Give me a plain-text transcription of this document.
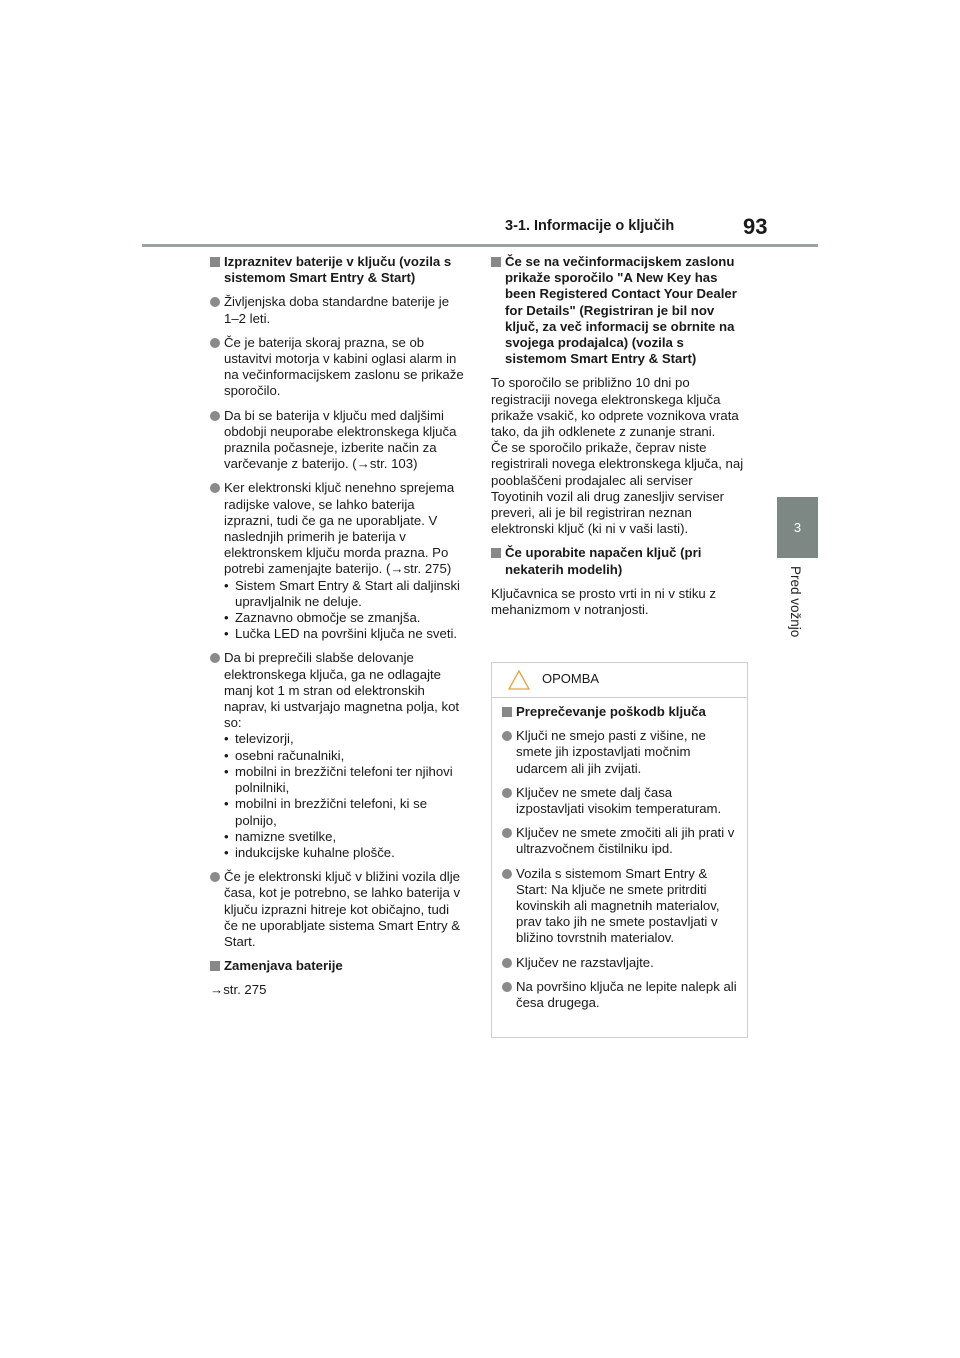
3-1. Informacije o ključih	93
3
Pred vožnjo
Izpraznitev baterije v ključu (vozila s sistemom Smart Entry & Start)
Življenjska doba standardne baterije je 1–2 leti.
Če je baterija skoraj prazna, se ob ustavitvi motorja v kabini oglasi alarm in na večinformacijskem zaslonu se prikaže sporočilo.
Da bi se baterija v ključu med daljšimi obdobji neuporabe elektronskega ključa praznila počasneje, izberite način za varčevanje z baterijo. (→str. 103)
Ker elektronski ključ nenehno sprejema radijske valove, se lahko baterija izprazni, tudi če ga ne uporabljate. V naslednjih primerih je baterija v elektronskem ključu morda prazna. Po potrebi zamenjajte baterijo. (→str. 275)
• Sistem Smart Entry & Start ali daljinski upravljalnik ne deluje.
• Zaznavno območje se zmanjša.
• Lučka LED na površini ključa ne sveti.
Da bi preprečili slabše delovanje elektronskega ključa, ga ne odlagajte manj kot 1 m stran od elektronskih naprav, ki ustvarjajo magnetna polja, kot so:
• televizorji,
• osebni računalniki,
• mobilni in brezžični telefoni ter njihovi polnilniki,
• mobilni in brezžični telefoni, ki se polnijo,
• namizne svetilke,
• indukcijske kuhalne plošče.
Če je elektronski ključ v bližini vozila dlje časa, kot je potrebno, se lahko baterija v ključu izprazni hitreje kot običajno, tudi če ne uporabljate sistema Smart Entry & Start.
Zamenjava baterije
→str. 275
Če se na večinformacijskem zaslonu prikaže sporočilo "A New Key has been Registered Contact Your Dealer for Details" (Registriran je bil nov ključ, za več informacij se obrnite na svojega prodajalca) (vozila s sistemom Smart Entry & Start)
To sporočilo se približno 10 dni po registraciji novega elektronskega ključa prikaže vsakič, ko odprete voznikova vrata tako, da jih odklenete z zunanje strani.
Če se sporočilo prikaže, čeprav niste registrirali novega elektronskega ključa, naj pooblaščeni prodajalec ali serviser Toyotinih vozil ali drug zanesljiv serviser preveri, ali je bil registriran neznan elektronski ključ (ki ni v vaši lasti).
Če uporabite napačen ključ (pri nekaterih modelih)
Ključavnica se prosto vrti in ni v stiku z mehanizmom v notranjosti.
OPOMBA
Preprečevanje poškodb ključa
Ključi ne smejo pasti z višine, ne smete jih izpostavljati močnim udarcem ali jih zvijati.
Ključev ne smete dalj časa izpostavljati visokim temperaturam.
Ključev ne smete zmočiti ali jih prati v ultrazvočnem čistilniku ipd.
Vozila s sistemom Smart Entry & Start: Na ključe ne smete pritrditi kovinskih ali magnetnih materialov, prav tako jih ne smete postavljati v bližino tovrstnih materialov.
Ključev ne razstavljajte.
Na površino ključa ne lepite nalepk ali česa drugega.
